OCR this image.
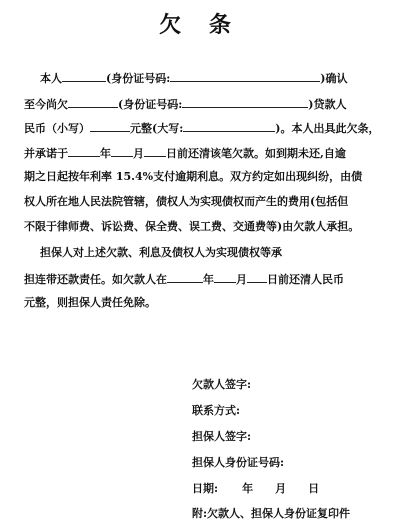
欠 条
本人	(身份证号码:	)确认
至今尚欠	(身份证号码:	)贷款人
民币（小写）	元整(大写:	)。本人出具此欠条，
并承诺于	年 月 日前还清该笔欠款。如到期未还,自逾
期之日起按年利率 15.4%支付逾期利息。双方约定如出现纠纷，由债
权人所在地人民法院管辖，债权人为实现债权而产生的费用(包括但
不限于律师费、诉讼费、保全费、误工费、交通费等)由欠款人承担。
担保人对上述欠款、利息及债权人为实现债权等承
担连带还款责任。如欠款人在	年 月 日前还清人民币
元整，则担保人责任免除。
欠款人签字:
联系方式:
担保人签字:
担保人身份证号码:
日期: 年 月 日
附:欠款人、担保人身份证复印件
